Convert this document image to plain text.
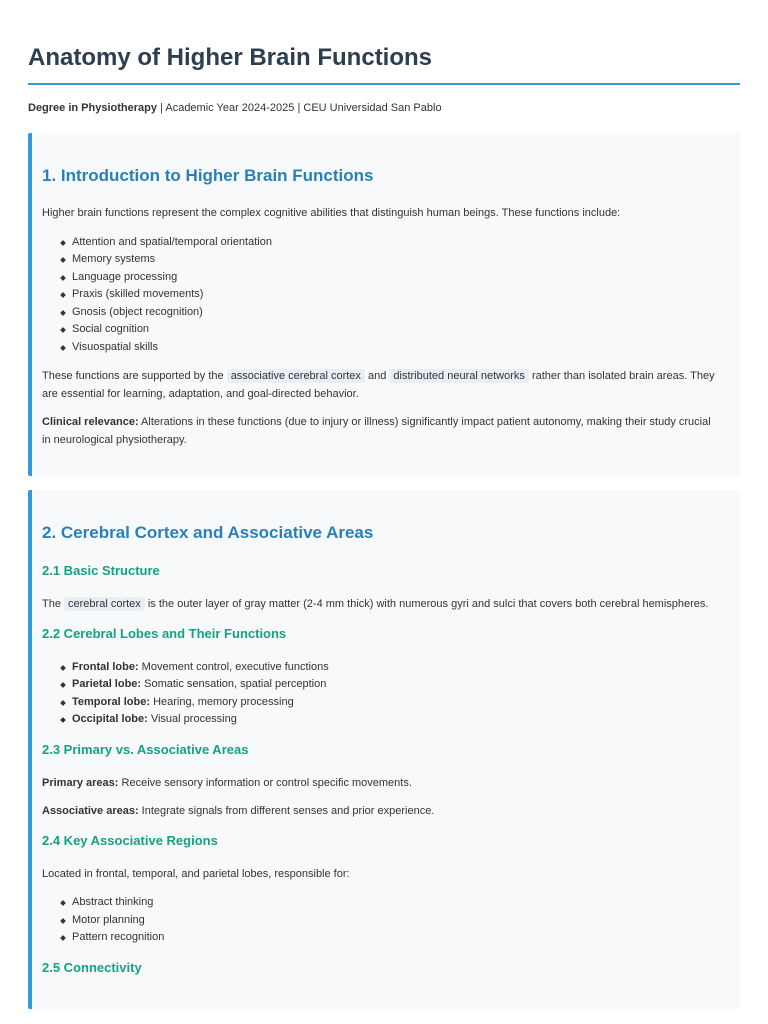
Anatomy of Higher Brain Functions
Degree in Physiotherapy | Academic Year 2024-2025 | CEU Universidad San Pablo
1. Introduction to Higher Brain Functions

Higher brain functions represent the complex cognitive abilities that distinguish human beings. These functions include:

Attention and spatial/temporal orientation
Memory systems
Language processing
Praxis (skilled movements)
Gnosis (object recognition)
Social cognition
Visuospatial skills

These functions are supported by the associative cerebral cortex and distributed neural networks rather than isolated brain areas. They are essential for learning, adaptation, and goal-directed behavior.

Clinical relevance: Alterations in these functions (due to injury or illness) significantly impact patient autonomy, making their study crucial in neurological physiotherapy.

2. Cerebral Cortex and Associative Areas
2.1 Basic Structure

The cerebral cortex is the outer layer of gray matter (2-4 mm thick) with numerous gyri and sulci that covers both cerebral hemispheres.

2.2 Cerebral Lobes and Their Functions
Frontal lobe: Movement control, executive functions
Parietal lobe: Somatic sensation, spatial perception
Temporal lobe: Hearing, memory processing
Occipital lobe: Visual processing
2.3 Primary vs. Associative Areas

Primary areas: Receive sensory information or control specific movements.

Associative areas: Integrate signals from different senses and prior experience.

2.4 Key Associative Regions

Located in frontal, temporal, and parietal lobes, responsible for:

Abstract thinking
Motor planning
Pattern recognition
2.5 Connectivity
